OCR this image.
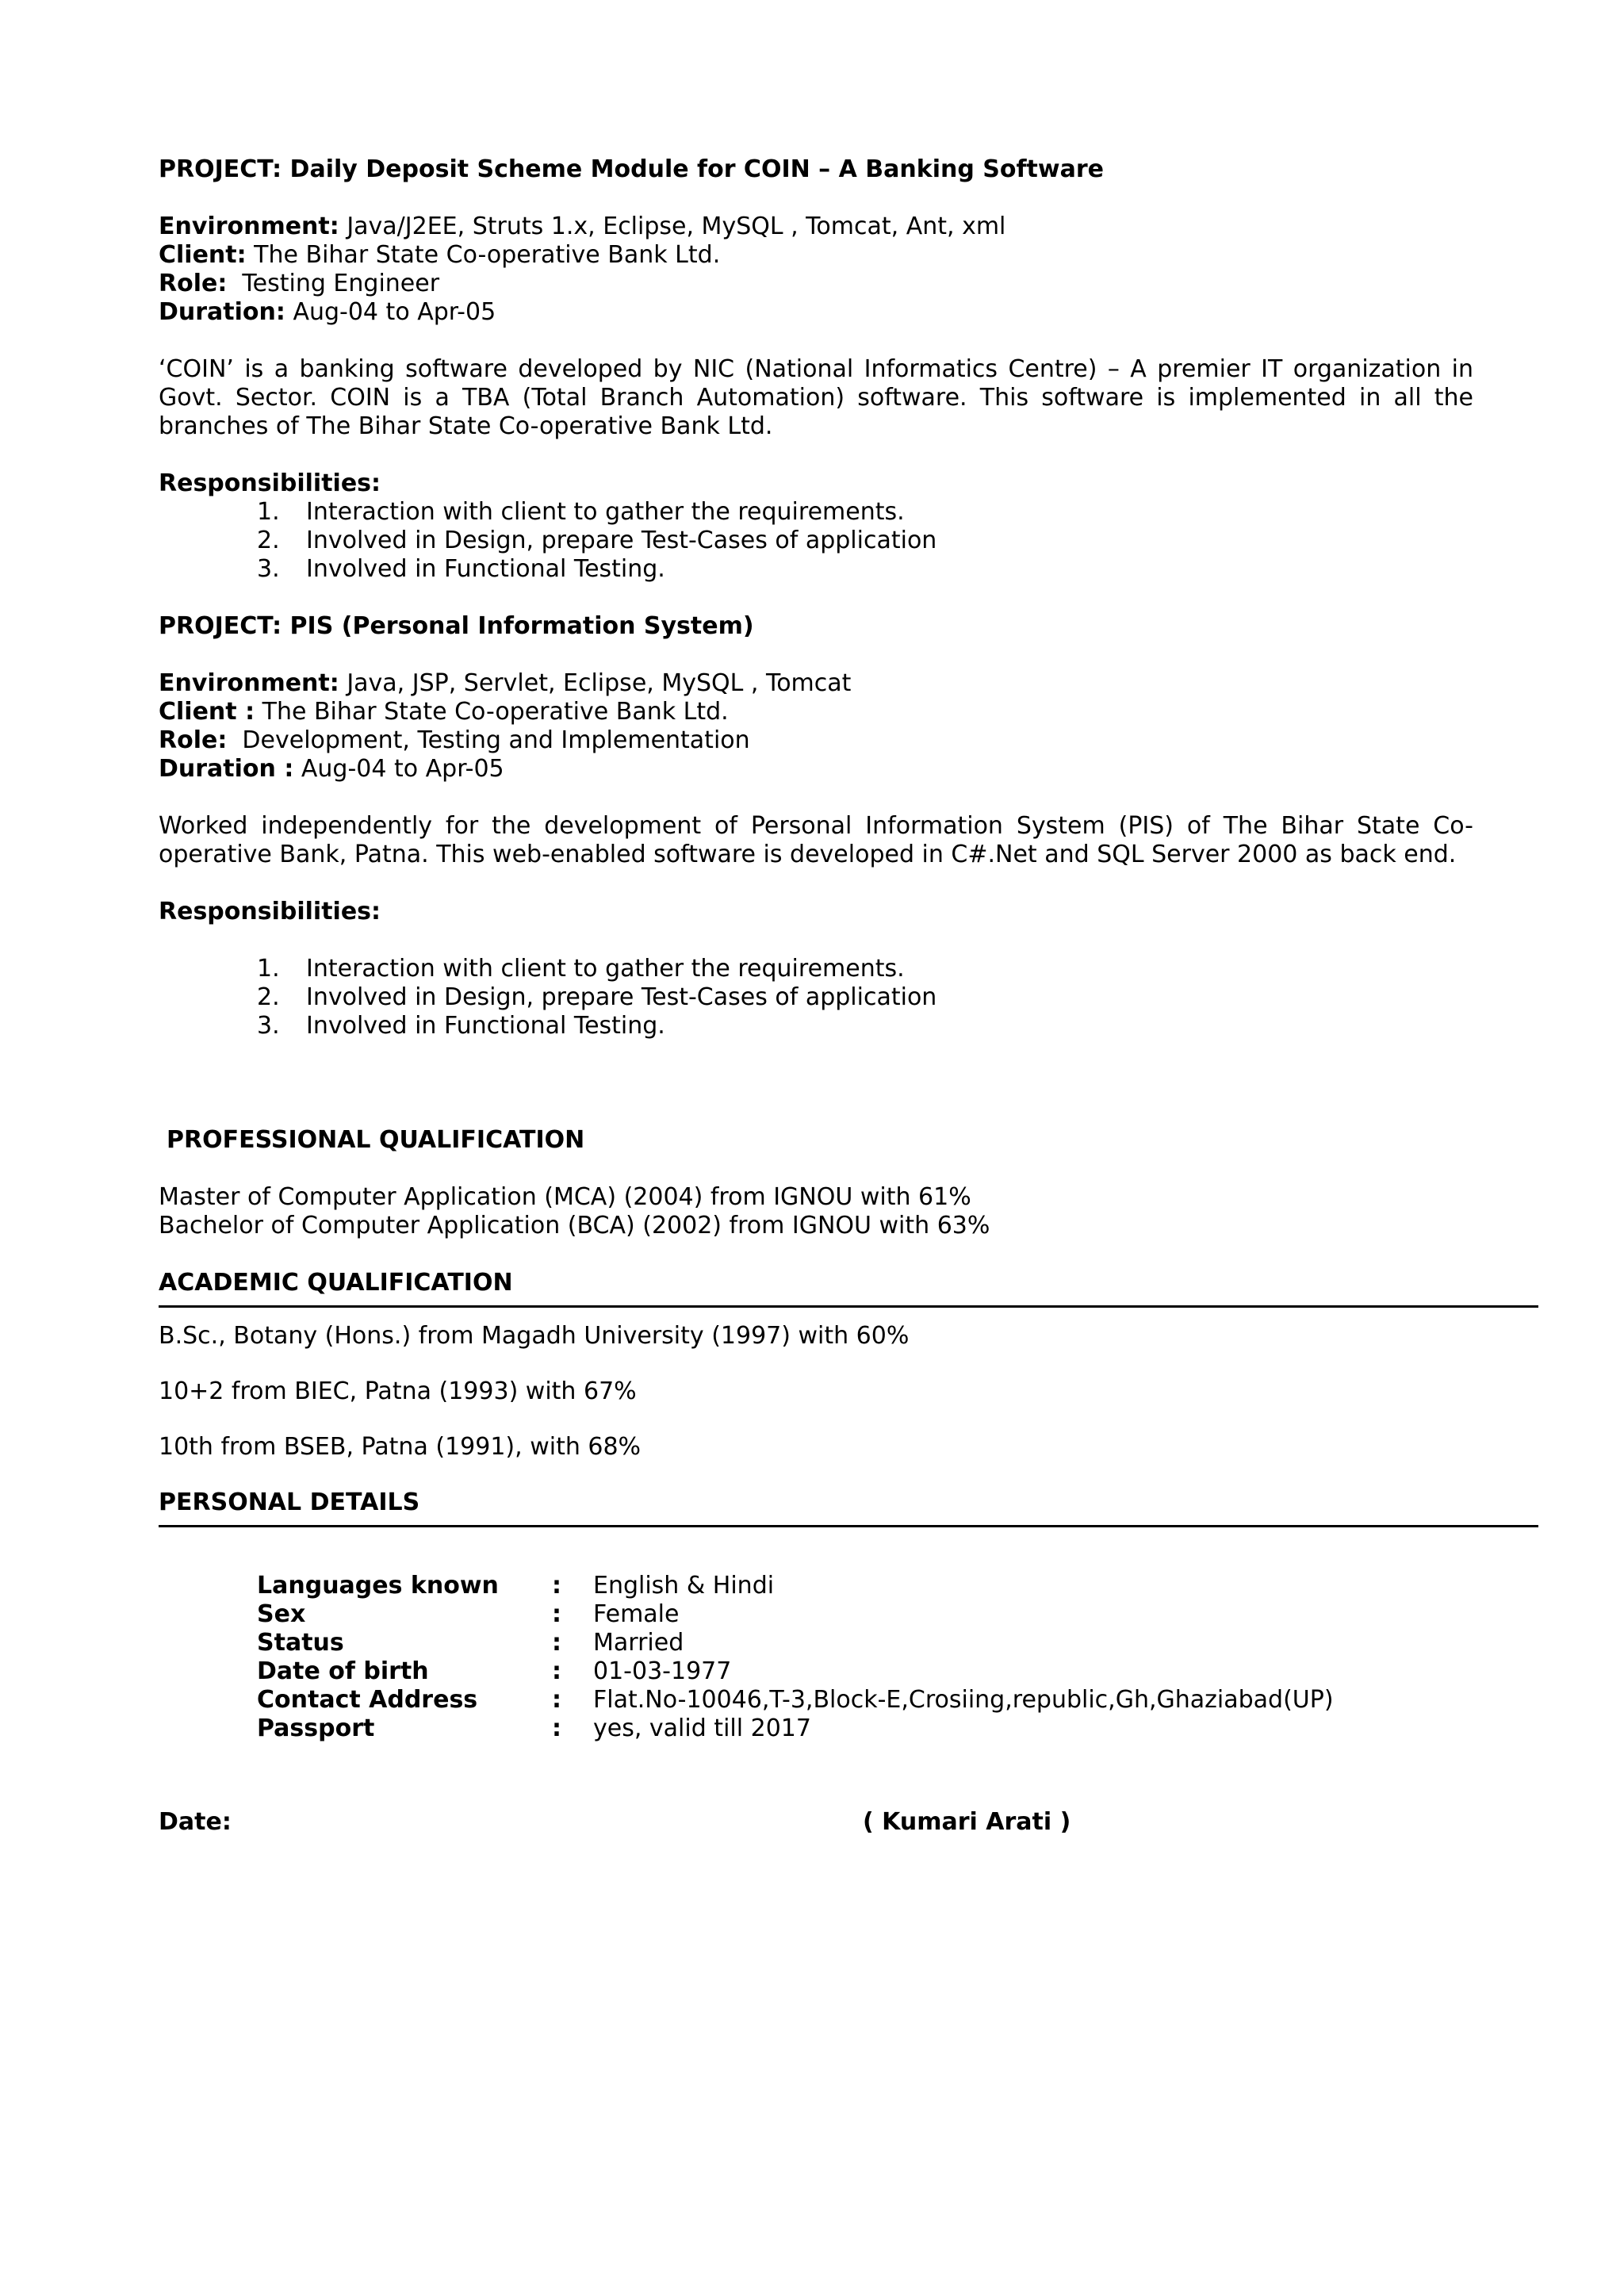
PROJECT: Daily Deposit Scheme Module for COIN – A Banking Software

Environment: Java/J2EE, Struts 1.x, Eclipse, MySQL , Tomcat, Ant, xml

Client: The Bihar State Co-operative Bank Ltd.

Role: Testing Engineer

Duration: Aug-04 to Apr-05

‘COIN’ is a banking software developed by NIC (National Informatics Centre) – A premier IT organization in Govt. Sector. COIN is a TBA (Total Branch Automation) software. This software is implemented in all the branches of The Bihar State Co-operative Bank Ltd.

Responsibilities:

1. Interaction with client to gather the requirements.
2. Involved in Design, prepare Test-Cases of application
3. Involved in Functional Testing.

PROJECT: PIS (Personal Information System)

Environment: Java, JSP, Servlet, Eclipse, MySQL , Tomcat

Client : The Bihar State Co-operative Bank Ltd.

Role: Development, Testing and Implementation

Duration : Aug-04 to Apr-05

Worked independently for the development of Personal Information System (PIS) of The Bihar State Co-operative Bank, Patna. This web-enabled software is developed in C#.Net and SQL Server 2000 as back end.

Responsibilities:

1. Interaction with client to gather the requirements.
2. Involved in Design, prepare Test-Cases of application
3. Involved in Functional Testing.

PROFESSIONAL QUALIFICATION

Master of Computer Application (MCA) (2004) from IGNOU with 61%

Bachelor of Computer Application (BCA) (2002) from IGNOU with 63%

ACADEMIC QUALIFICATION

B.Sc., Botany (Hons.) from Magadh University (1997) with 60%

10+2 from BIEC, Patna (1993) with 67%

10th from BSEB, Patna (1991), with 68%

PERSONAL DETAILS

Languages known : English & Hindi
Sex	: Female
Status	: Married
Date of birth	: 01-03-1977
Contact Address	: Flat.No-10046,T-3,Block-E,Crosiing,republic,Gh,Ghaziabad(UP)
Passport	: yes, valid till 2017
Date:	( Kumari Arati )
